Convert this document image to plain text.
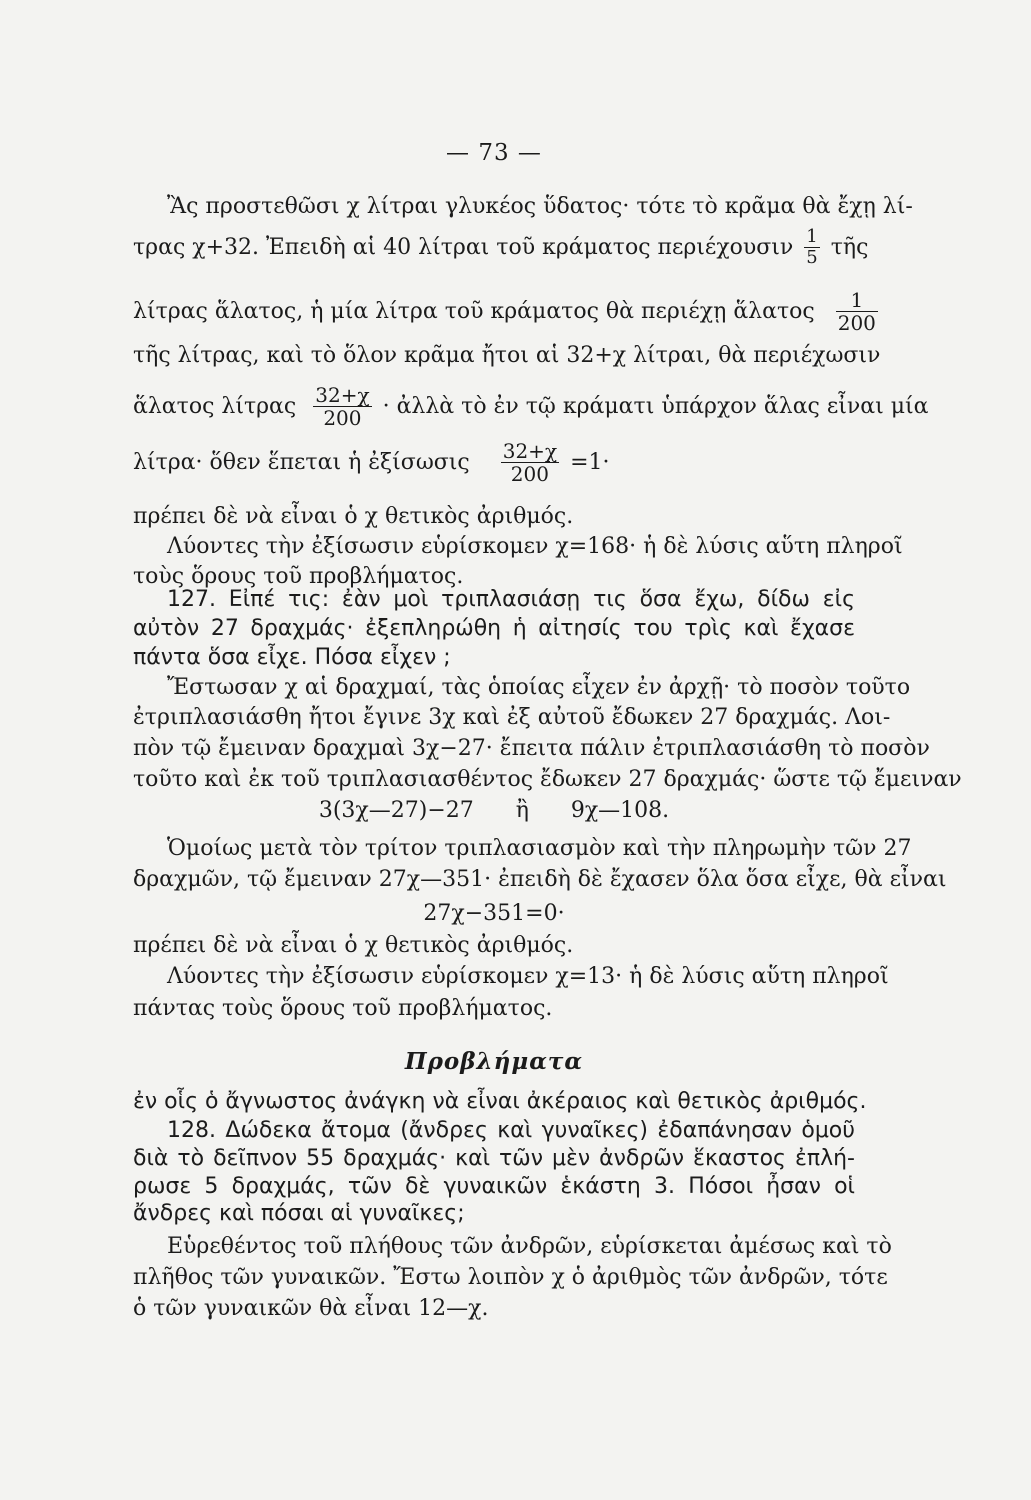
— 73 —
Ἂς προστεθῶσι χ λίτραι γλυκέος ὕδατος· τότε τὸ κρᾶμα θὰ ἔχῃ λί-
τρας χ+32. Ἐπειδὴ αἱ 40 λίτραι τοῦ κράματος περιέχουσιν $\frac{1}{5}$ τῆς
λίτρας ἅλατος, ἡ μία λίτρα τοῦ κράματος θὰ περιέχῃ ἅλατος $\frac{1}{200}$
τῆς λίτρας, καὶ τὸ ὅλον κρᾶμα ἤτοι αἱ 32+χ λίτραι, θὰ περιέχωσιν
ἅλατος λίτρας $\frac{32+\chi}{200}$ · ἀλλὰ τὸ ἐν τῷ κράματι ὑπάρχον ἅλας εἶναι μία
λίτρα· ὅθεν ἕπεται ἡ ἐξίσωσις $\frac{32+\chi}{200} =1\cdot$
πρέπει δὲ νὰ εἶναι ὁ χ θετικὸς ἀριθμός.
Λύοντες τὴν ἐξίσωσιν εὑρίσκομεν χ=168· ἡ δὲ λύσις αὕτη πληροῖ
τοὺς ὅρους τοῦ προβλήματος.
127. Εἰπέ τις: ἐὰν μοὶ τριπλασιάσῃ τις ὅσα ἔχω, δίδω εἰς
αὐτὸν 27 δραχμάς· ἐξεπληρώθη ἡ αἰτησίς του τρὶς καὶ ἔχασε
πάντα ὅσα εἶχε. Πόσα εἶχεν ;
Ἔστωσαν χ αἱ δραχμαί, τὰς ὁποίας εἶχεν ἐν ἀρχῇ· τὸ ποσὸν τοῦτο
ἐτριπλασιάσθη ἤτοι ἔγινε 3χ καὶ ἐξ αὐτοῦ ἔδωκεν 27 δραχμάς. Λοι-
πὸν τῷ ἔμειναν δραχμαὶ 3χ−27· ἔπειτα πάλιν ἐτριπλασιάσθη τὸ ποσὸν
τοῦτο καὶ ἐκ τοῦ τριπλασιασθέντος ἔδωκεν 27 δραχμάς· ὥστε τῷ ἔμειναν
3(3χ—27)−27      ἢ      9χ—108.
Ὁμοίως μετὰ τὸν τρίτον τριπλασιασμὸν καὶ τὴν πληρωμὴν τῶν 27
δραχμῶν, τῷ ἔμειναν 27χ—351· ἐπειδὴ δὲ ἔχασεν ὅλα ὅσα εἶχε, θὰ εἶναι
27χ−351=0·
πρέπει δὲ νὰ εἶναι ὁ χ θετικὸς ἀριθμός.
Λύοντες τὴν ἐξίσωσιν εὑρίσκομεν χ=13· ἡ δὲ λύσις αὕτη πληροῖ
πάντας τοὺς ὅρους τοῦ προβλήματος.
Προβλήματα
ἐν οἷς ὁ ἄγνωστος ἀνάγκη νὰ εἶναι ἀκέραιος καὶ θετικὸς ἀριθμός.
128. Δώδεκα ἄτομα (ἄνδρες καὶ γυναῖκες) ἐδαπάνησαν ὁμοῦ
διὰ τὸ δεῖπνον 55 δραχμάς· καὶ τῶν μὲν ἀνδρῶν ἕκαστος ἐπλή-
ρωσε 5 δραχμάς, τῶν δὲ γυναικῶν ἑκάστη 3. Πόσοι ἦσαν οἱ
ἄνδρες καὶ πόσαι αἱ γυναῖκες;
Εὑρεθέντος τοῦ πλήθους τῶν ἀνδρῶν, εὑρίσκεται ἀμέσως καὶ τὸ
πλῆθος τῶν γυναικῶν. Ἔστω λοιπὸν χ ὁ ἀριθμὸς τῶν ἀνδρῶν, τότε
ὁ τῶν γυναικῶν θὰ εἶναι 12—χ.
